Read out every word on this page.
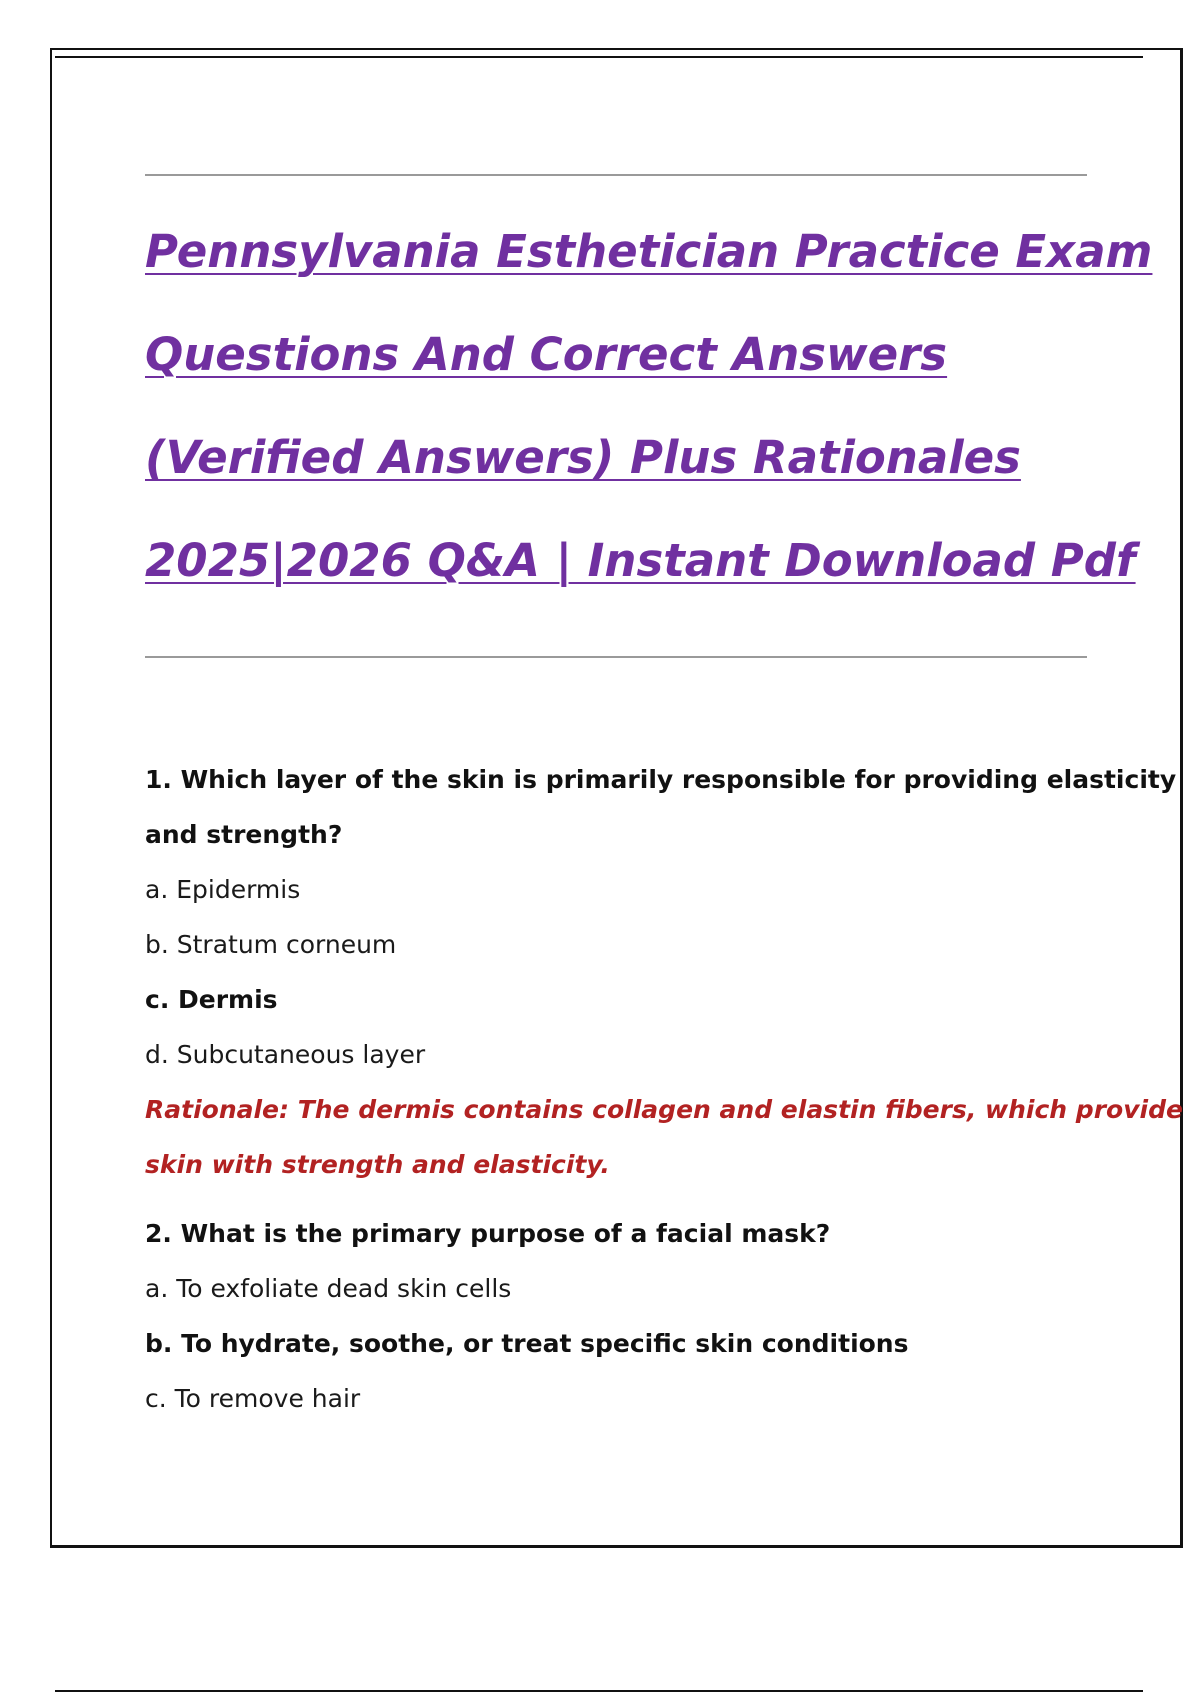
Pennsylvania Esthetician Practice Exam
Questions And Correct Answers
(Verified Answers) Plus Rationales
2025|2026 Q&A | Instant Download Pdf
1. Which layer of the skin is primarily responsible for providing elasticity
and strength?
a. Epidermis
b. Stratum corneum
c. Dermis
d. Subcutaneous layer
Rationale: The dermis contains collagen and elastin fibers, which provide
skin with strength and elasticity.
2. What is the primary purpose of a facial mask?
a. To exfoliate dead skin cells
b. To hydrate, soothe, or treat specific skin conditions
c. To remove hair
